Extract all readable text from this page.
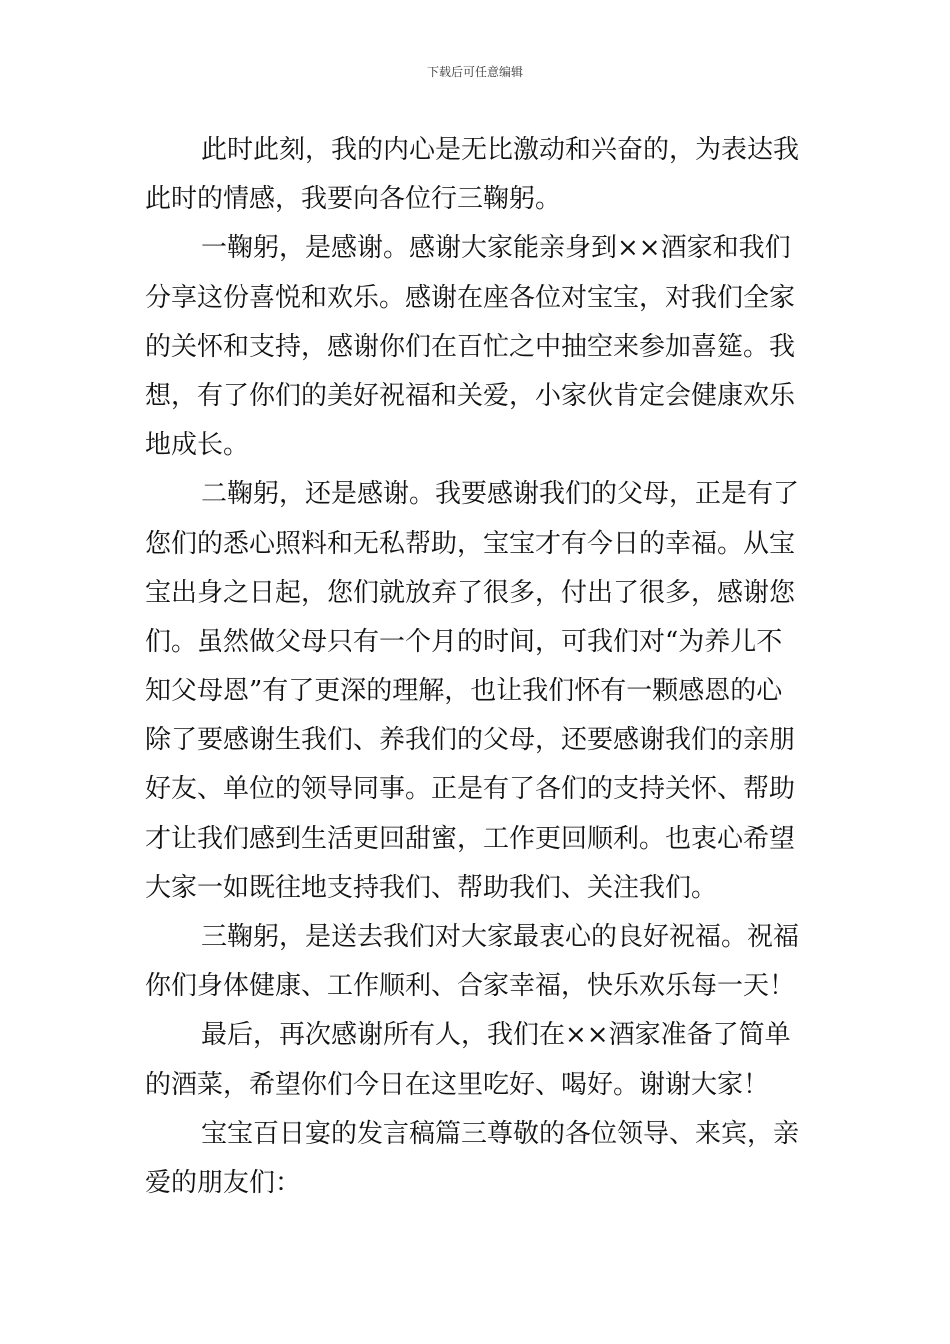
下载后可任意编辑
此时此刻，我的内心是无比激动和兴奋的，为表达我
此时的情感，我要向各位行三鞠躬。
一鞠躬，是感谢。感谢大家能亲身到××酒家和我们
分享这份喜悦和欢乐。感谢在座各位对宝宝，对我们全家
的关怀和支持，感谢你们在百忙之中抽空来参加喜筵。我
想，有了你们的美好祝福和关爱，小家伙肯定会健康欢乐
地成长。
二鞠躬，还是感谢。我要感谢我们的父母，正是有了
您们的悉心照料和无私帮助，宝宝才有今日的幸福。从宝
宝出身之日起，您们就放弃了很多，付出了很多，感谢您
们。虽然做父母只有一个月的时间，可我们对“为养儿不
知父母恩”有了更深的理解，也让我们怀有一颗感恩的心
除了要感谢生我们、养我们的父母，还要感谢我们的亲朋
好友、单位的领导同事。正是有了各们的支持关怀、帮助
才让我们感到生活更回甜蜜，工作更回顺利。也衷心希望
大家一如既往地支持我们、帮助我们、关注我们。
三鞠躬，是送去我们对大家最衷心的良好祝福。祝福
你们身体健康、工作顺利、合家幸福，快乐欢乐每一天！
最后，再次感谢所有人，我们在××酒家准备了简单
的酒菜，希望你们今日在这里吃好、喝好。谢谢大家！
宝宝百日宴的发言稿篇三尊敬的各位领导、来宾，亲
爱的朋友们：
